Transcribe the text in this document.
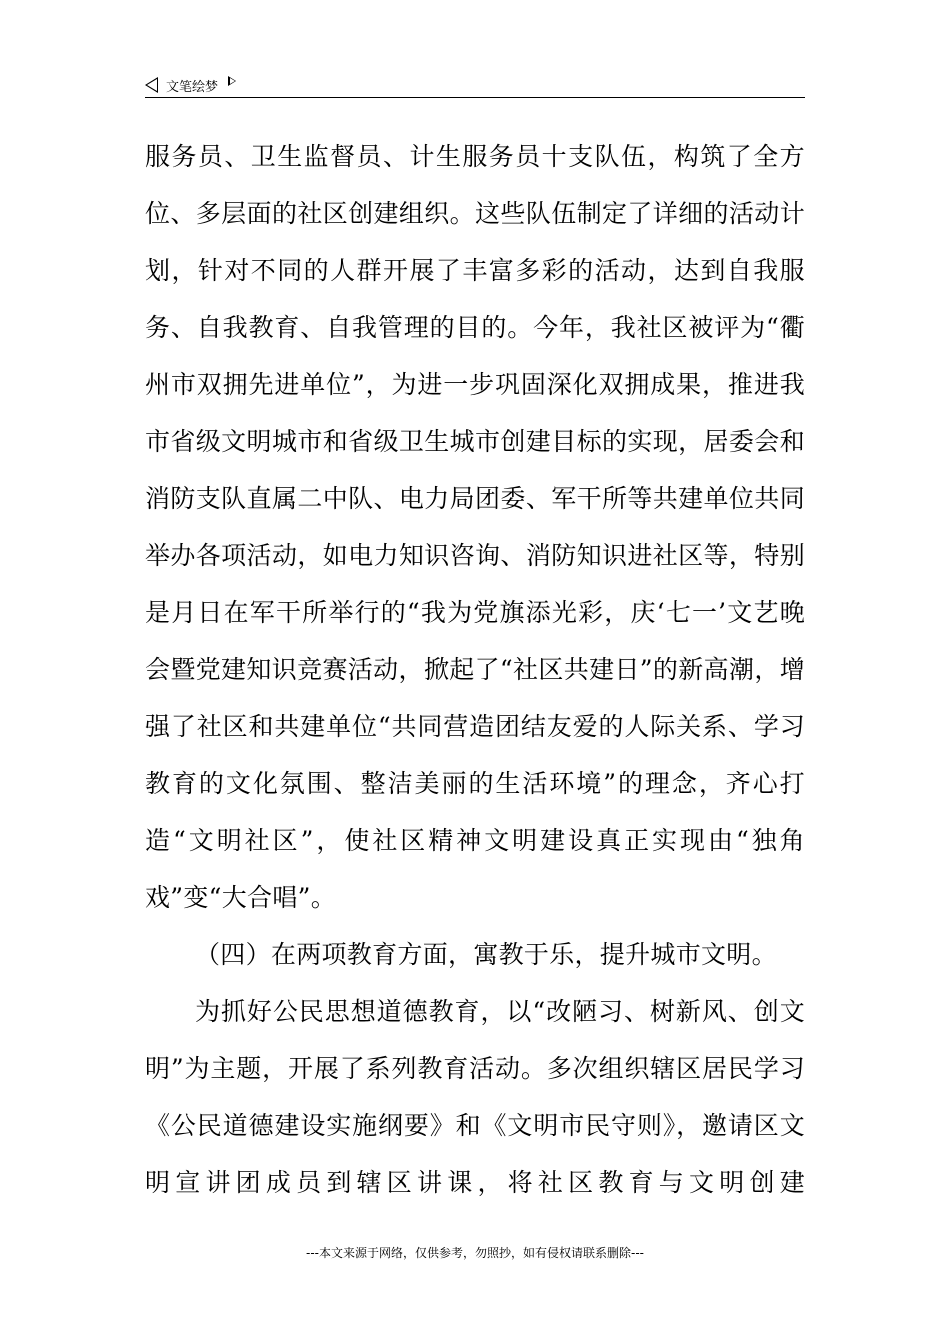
文笔绘梦

服务员、卫生监督员、计生服务员十支队伍，构筑了全方位、多层面的社区创建组织。这些队伍制定了详细的活动计划，针对不同的人群开展了丰富多彩的活动，达到自我服务、自我教育、自我管理的目的。今年，我社区被评为“衢州市双拥先进单位”，为进一步巩固深化双拥成果，推进我市省级文明城市和省级卫生城市创建目标的实现，居委会和消防支队直属二中队、电力局团委、军干所等共建单位共同举办各项活动，如电力知识咨询、消防知识进社区等，特别是月日在军干所举行的“我为党旗添光彩，庆‘七一’文艺晚会暨党建知识竞赛活动，掀起了“社区共建日”的新高潮，增强了社区和共建单位“共同营造团结友爱的人际关系、学习教育的文化氛围、整洁美丽的生活环境”的理念，齐心打造“文明社区”，使社区精神文明建设真正实现由“独角戏”变“大合唱”。

（四）在两项教育方面，寓教于乐，提升城市文明。

为抓好公民思想道德教育，以“改陋习、树新风、创文明”为主题，开展了系列教育活动。多次组织辖区居民学习《公民道德建设实施纲要》和《文明市民守则》，邀请区文明宣讲团成员到辖区讲课，将社区教育与文明创建

---本文来源于网络，仅供参考，勿照抄，如有侵权请联系删除---
